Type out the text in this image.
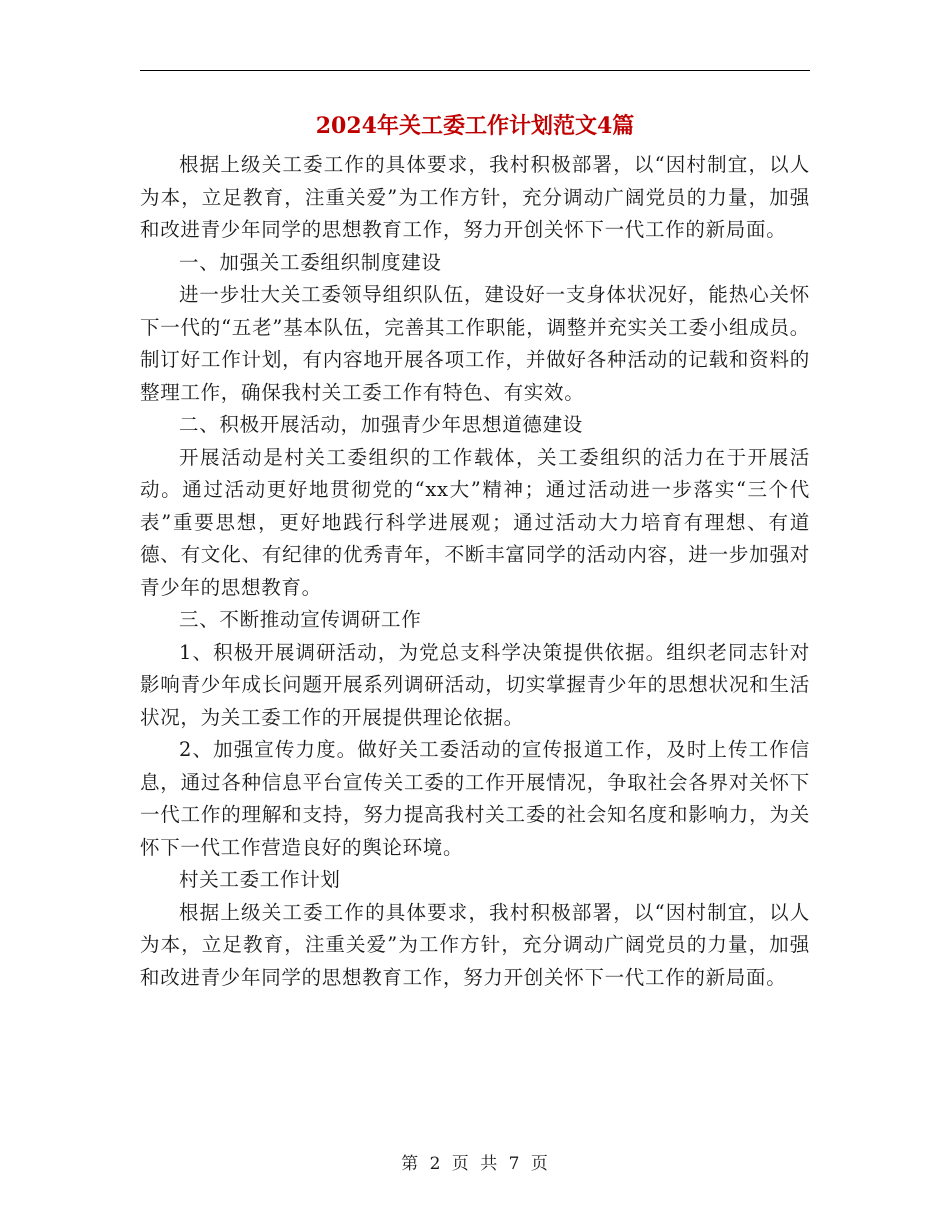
2024年关工委工作计划范文4篇

根据上级关工委工作的具体要求，我村积极部署，以“因村制宜，以人为本，立足教育，注重关爱”为工作方针，充分调动广阔党员的力量，加强和改进青少年同学的思想教育工作，努力开创关怀下一代工作的新局面。

一、加强关工委组织制度建设

进一步壮大关工委领导组织队伍，建设好一支身体状况好，能热心关怀下一代的“五老”基本队伍，完善其工作职能，调整并充实关工委小组成员。制订好工作计划，有内容地开展各项工作，并做好各种活动的记载和资料的整理工作，确保我村关工委工作有特色、有实效。

二、积极开展活动，加强青少年思想道德建设

开展活动是村关工委组织的工作载体，关工委组织的活力在于开展活动。通过活动更好地贯彻党的“xx大”精神；通过活动进一步落实“三个代表”重要思想，更好地践行科学进展观；通过活动大力培育有理想、有道德、有文化、有纪律的优秀青年，不断丰富同学的活动内容，进一步加强对青少年的思想教育。

三、不断推动宣传调研工作

1、积极开展调研活动，为党总支科学决策提供依据。组织老同志针对影响青少年成长问题开展系列调研活动，切实掌握青少年的思想状况和生活状况，为关工委工作的开展提供理论依据。

2、加强宣传力度。做好关工委活动的宣传报道工作，及时上传工作信息，通过各种信息平台宣传关工委的工作开展情况，争取社会各界对关怀下一代工作的理解和支持，努力提高我村关工委的社会知名度和影响力，为关怀下一代工作营造良好的舆论环境。

村关工委工作计划

根据上级关工委工作的具体要求，我村积极部署，以“因村制宜，以人为本，立足教育，注重关爱”为工作方针，充分调动广阔党员的力量，加强和改进青少年同学的思想教育工作，努力开创关怀下一代工作的新局面。

第 2 页 共 7 页
